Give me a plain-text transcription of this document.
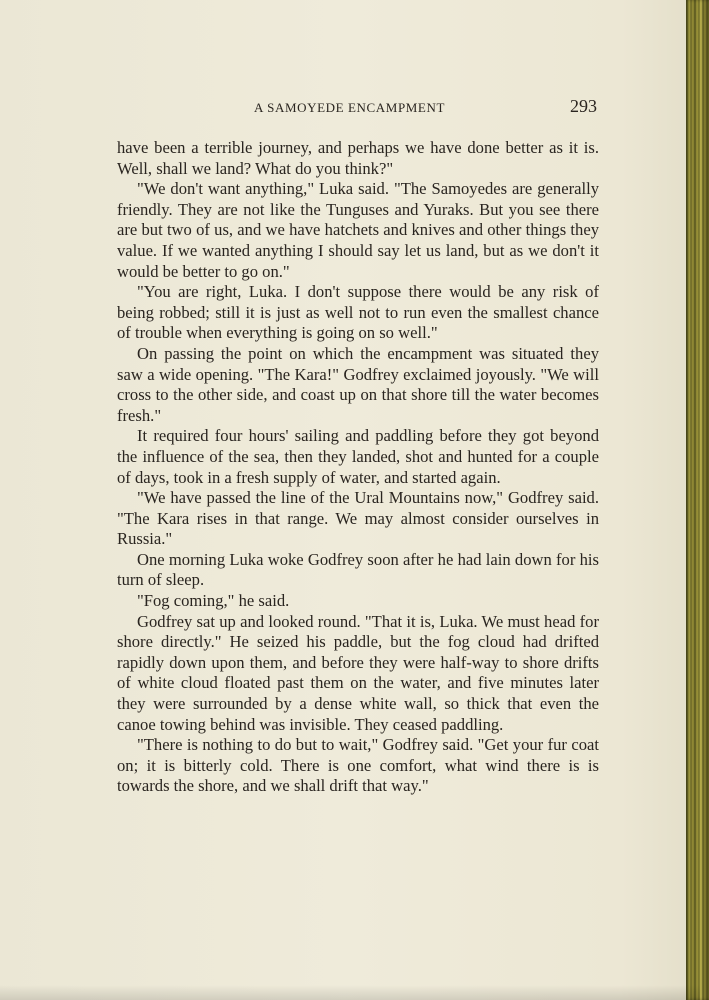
A SAMOYEDE ENCAMPMENT	293

have been a terrible journey, and perhaps we have done better as it is. Well, shall we land? What do you think?"

"We don't want anything," Luka said. "The Samoyedes are generally friendly. They are not like the Tunguses and Yuraks. But you see there are but two of us, and we have hatchets and knives and other things they value. If we wanted anything I should say let us land, but as we don't it would be better to go on."

"You are right, Luka. I don't suppose there would be any risk of being robbed; still it is just as well not to run even the smallest chance of trouble when everything is going on so well."

On passing the point on which the encampment was situated they saw a wide opening. "The Kara!" Godfrey exclaimed joyously. "We will cross to the other side, and coast up on that shore till the water becomes fresh."

It required four hours' sailing and paddling before they got beyond the influence of the sea, then they landed, shot and hunted for a couple of days, took in a fresh supply of water, and started again.

"We have passed the line of the Ural Mountains now," Godfrey said. "The Kara rises in that range. We may almost consider ourselves in Russia."

One morning Luka woke Godfrey soon after he had lain down for his turn of sleep.

"Fog coming," he said.

Godfrey sat up and looked round. "That it is, Luka. We must head for shore directly." He seized his paddle, but the fog cloud had drifted rapidly down upon them, and before they were half-way to shore drifts of white cloud floated past them on the water, and five minutes later they were surrounded by a dense white wall, so thick that even the canoe towing behind was invisible. They ceased paddling.

"There is nothing to do but to wait," Godfrey said. "Get your fur coat on; it is bitterly cold. There is one comfort, what wind there is is towards the shore, and we shall drift that way."
